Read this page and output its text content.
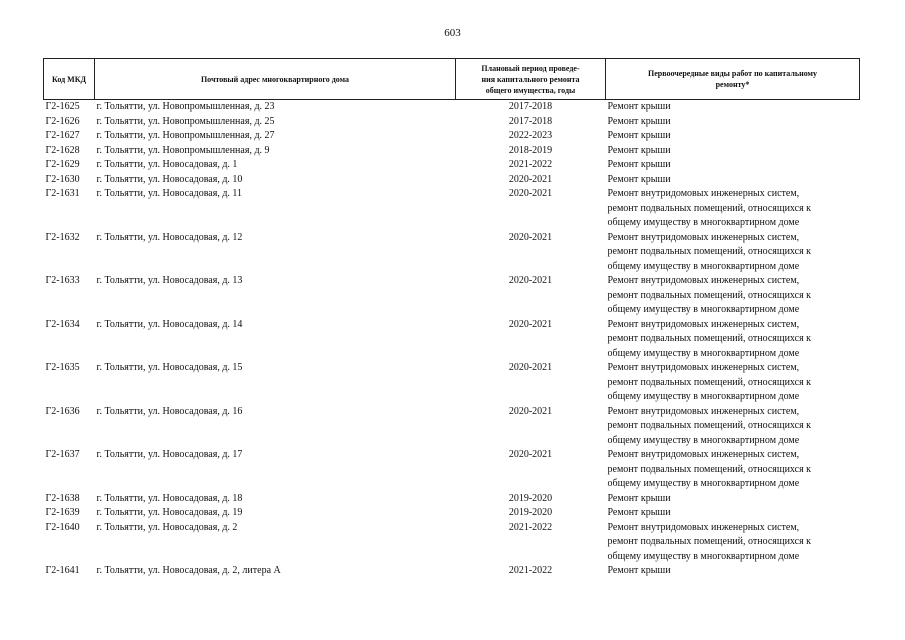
603
Код МКД	Почтовый адрес многоквартирного дома	Плановый период проведе-
ния капитального ремонта
общего имущества, годы	Первоочередные виды работ по капитальному
ремонту*

Г2-1625	г. Тольятти, ул. Новопромышленная, д. 23	2017-2018	Ремонт крыши

Г2-1626	г. Тольятти, ул. Новопромышленная, д. 25	2017-2018	Ремонт крыши

Г2-1627	г. Тольятти, ул. Новопромышленная, д. 27	2022-2023	Ремонт крыши

Г2-1628	г. Тольятти, ул. Новопромышленная, д. 9	2018-2019	Ремонт крыши

Г2-1629	г. Тольятти, ул. Новосадовая, д. 1	2021-2022	Ремонт крыши

Г2-1630	г. Тольятти, ул. Новосадовая, д. 10	2020-2021	Ремонт крыши

Г2-1631	г. Тольятти, ул. Новосадовая, д. 11	2020-2021	Ремонт внутридомовых инженерных систем,
ремонт подвальных помещений, относящихся к
общему имуществу в многоквартирном доме

Г2-1632	г. Тольятти, ул. Новосадовая, д. 12	2020-2021	Ремонт внутридомовых инженерных систем,
ремонт подвальных помещений, относящихся к
общему имуществу в многоквартирном доме

Г2-1633	г. Тольятти, ул. Новосадовая, д. 13	2020-2021	Ремонт внутридомовых инженерных систем,
ремонт подвальных помещений, относящихся к
общему имуществу в многоквартирном доме

Г2-1634	г. Тольятти, ул. Новосадовая, д. 14	2020-2021	Ремонт внутридомовых инженерных систем,
ремонт подвальных помещений, относящихся к
общему имуществу в многоквартирном доме

Г2-1635	г. Тольятти, ул. Новосадовая, д. 15	2020-2021	Ремонт внутридомовых инженерных систем,
ремонт подвальных помещений, относящихся к
общему имуществу в многоквартирном доме

Г2-1636	г. Тольятти, ул. Новосадовая, д. 16	2020-2021	Ремонт внутридомовых инженерных систем,
ремонт подвальных помещений, относящихся к
общему имуществу в многоквартирном доме

Г2-1637	г. Тольятти, ул. Новосадовая, д. 17	2020-2021	Ремонт внутридомовых инженерных систем,
ремонт подвальных помещений, относящихся к
общему имуществу в многоквартирном доме

Г2-1638	г. Тольятти, ул. Новосадовая, д. 18	2019-2020	Ремонт крыши

Г2-1639	г. Тольятти, ул. Новосадовая, д. 19	2019-2020	Ремонт крыши

Г2-1640	г. Тольятти, ул. Новосадовая, д. 2	2021-2022	Ремонт внутридомовых инженерных систем,
ремонт подвальных помещений, относящихся к
общему имуществу в многоквартирном доме

Г2-1641	г. Тольятти, ул. Новосадовая, д. 2, литера А	2021-2022	Ремонт крыши
